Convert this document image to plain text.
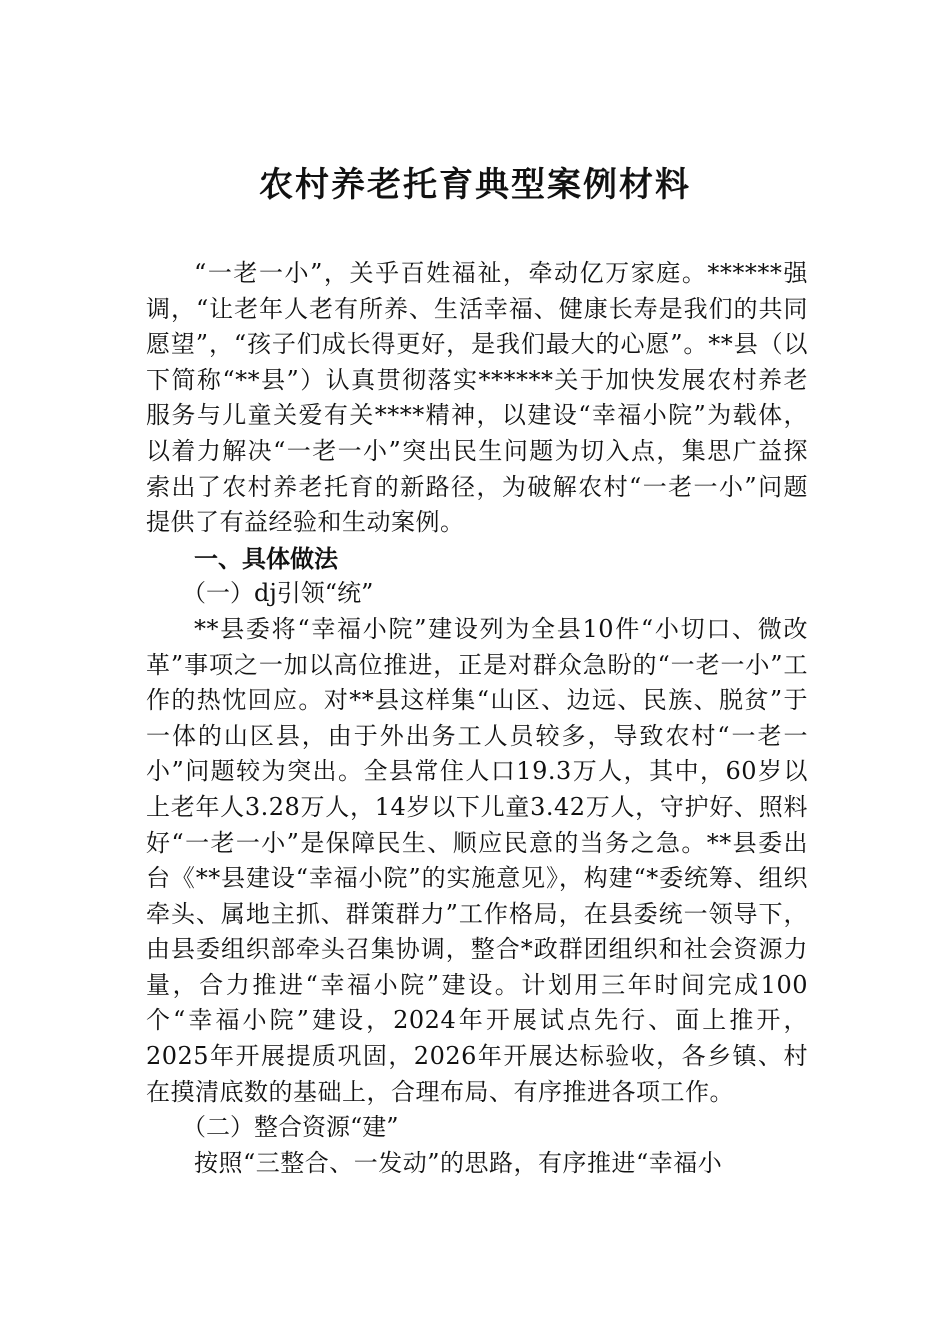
农村养老托育典型案例材料

“一老一小”，关乎百姓福祉，牵动亿万家庭。******强调，“让老年人老有所养、生活幸福、健康长寿是我们的共同愿望”，“孩子们成长得更好，是我们最大的心愿”。**县（以下简称“**县”）认真贯彻落实******关于加快发展农村养老服务与儿童关爱有关****精神，以建设“幸福小院”为载体，以着力解决“一老一小”突出民生问题为切入点，集思广益探索出了农村养老托育的新路径，为破解农村“一老一小”问题提供了有益经验和生动案例。

一、具体做法

（一）dj引领“统”

**县委将“幸福小院”建设列为全县10件“小切口、微改革”事项之一加以高位推进，正是对群众急盼的“一老一小”工作的热忱回应。对**县这样集“山区、边远、民族、脱贫”于一体的山区县，由于外出务工人员较多，导致农村“一老一小”问题较为突出。全县常住人口19.3万人，其中，60岁以上老年人3.28万人，14岁以下儿童3.42万人，守护好、照料好“一老一小”是保障民生、顺应民意的当务之急。**县委出台《**县建设“幸福小院”的实施意见》，构建“*委统筹、组织牵头、属地主抓、群策群力”工作格局，在县委统一领导下，由县委组织部牵头召集协调，整合*政群团组织和社会资源力量，合力推进“幸福小院”建设。计划用三年时间完成100个“幸福小院”建设，2024年开展试点先行、面上推开，2025年开展提质巩固，2026年开展达标验收，各乡镇、村在摸清底数的基础上，合理布局、有序推进各项工作。

（二）整合资源“建”

按照“三整合、一发动”的思路，有序推进“幸福小
